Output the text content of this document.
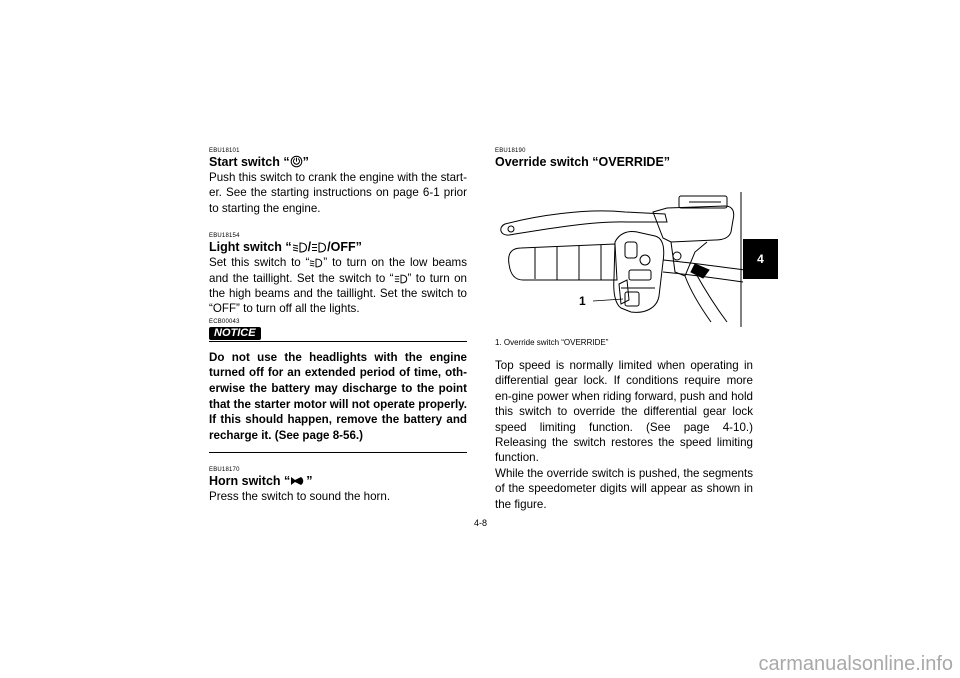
EBU18101
Start switch “ ”
Push this switch to crank the engine with the start-er. See the starting instructions on page 6-1 prior to starting the engine.
EBU18154
Light switch “ / /OFF”
Set this switch to “ ” to turn on the low beams and the taillight. Set the switch to “ ” to turn on the high beams and the taillight. Set the switch to “OFF” to turn off all the lights.
ECB00043
NOTICE
Do not use the headlights with the engine turned off for an extended period of time, oth-erwise the battery may discharge to the point that the starter motor will not operate properly. If this should happen, remove the battery and recharge it. (See page 8-56.)
EBU18170
Horn switch “ ”
Press the switch to sound the horn.
EBU18190
Override switch “OVERRIDE”
1
1. Override switch “OVERRIDE”
Top speed is normally limited when operating in differential gear lock. If conditions require more en-gine power when riding forward, push and hold this switch to override the differential gear lock speed limiting function. (See page 4-10.) Releasing the switch restores the speed limiting function.
While the override switch is pushed, the segments of the speedometer digits will appear as shown in the figure.
4-8
4
carmanualsonline.info
